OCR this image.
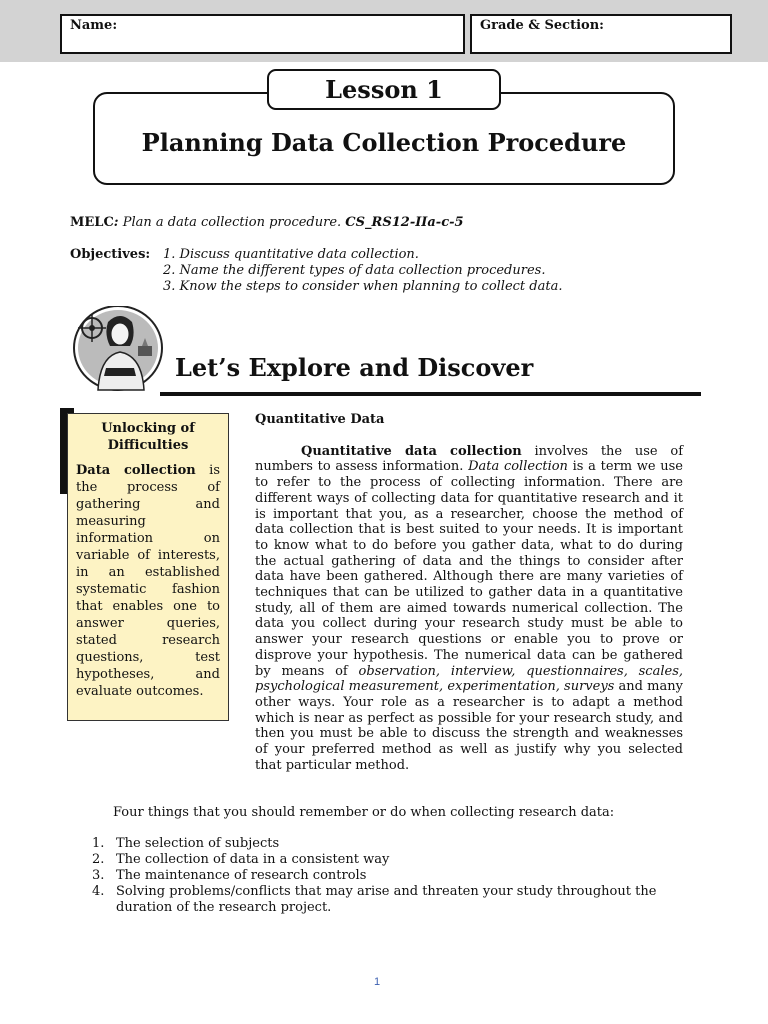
Name:	Grade & Section:
Planning Data Collection Procedure
Lesson 1
MELC: Plan a data collection procedure. CS_RS12-IIa-c-5
Objectives: 1. Discuss quantitative data collection.
2. Name the different types of data collection procedures.
3. Know the steps to consider when planning to collect data.
Let’s Explore and Discover
Unlocking of Difficulties
Data collection is the process of gathering and measuring information on variable of interests, in an established systematic fashion that enables one to answer queries, stated research questions, test hypotheses, and evaluate outcomes.
Quantitative Data
Quantitative data collection involves the use of numbers to assess information. Data collection is a term we use to refer to the process of collecting information. There are different ways of collecting data for quantitative research and it is important that you, as a researcher, choose the method of data collection that is best suited to your needs. It is important to know what to do before you gather data, what to do during the actual gathering of data and the things to consider after data have been gathered. Although there are many varieties of techniques that can be utilized to gather data in a quantitative study, all of them are aimed towards numerical collection. The data you collect during your research study must be able to answer your research questions or enable you to prove or disprove your hypothesis. The numerical data can be gathered by means of observation, interview, questionnaires, scales, psychological measurement, experimentation, surveys and many other ways. Your role as a researcher is to adapt a method which is near as perfect as possible for your research study, and then you must be able to discuss the strength and weaknesses of your preferred method as well as justify why you selected that particular method.
Four things that you should remember or do when collecting research data:
1. The selection of subjects
2. The collection of data in a consistent way
3. The maintenance of research controls
4. Solving problems/conflicts that may arise and threaten your study throughout the duration of the research project.
1
